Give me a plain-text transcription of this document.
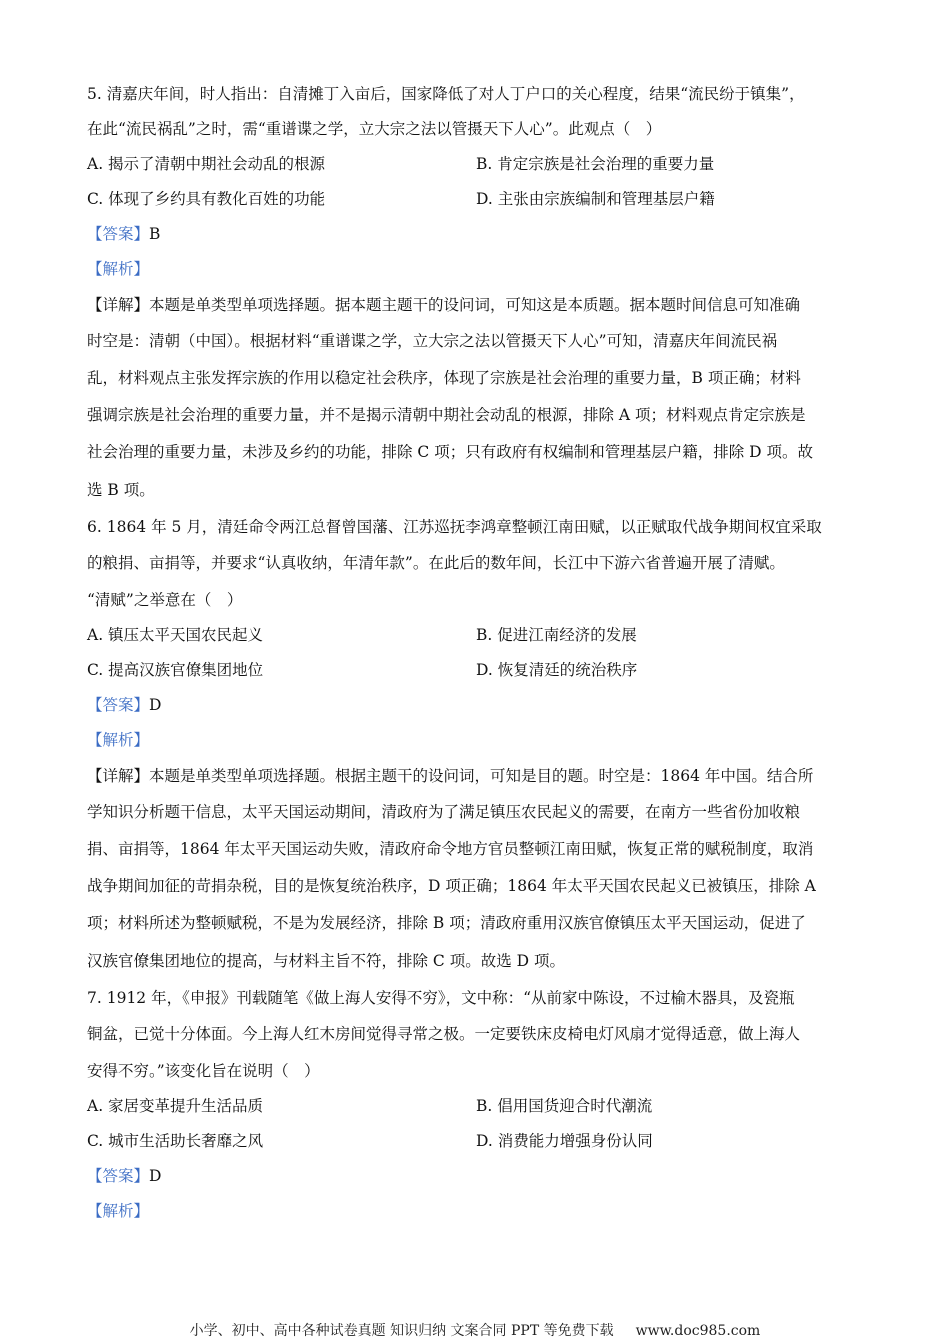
5. 清嘉庆年间，时人指出：自清摊丁入亩后，国家降低了对人丁户口的关心程度，结果“流民纷于镇集”，
在此“流民祸乱”之时，需“重谱谍之学，立大宗之法以管摄天下人心”。此观点（　）
A. 揭示了清朝中期社会动乱的根源	B. 肯定宗族是社会治理的重要力量
C. 体现了乡约具有教化百姓的功能	D. 主张由宗族编制和管理基层户籍
【答案】B
【解析】
【详解】本题是单类型单项选择题。据本题主题干的设问词，可知这是本质题。据本题时间信息可知准确
时空是：清朝（中国）。根据材料“重谱谍之学，立大宗之法以管摄天下人心”可知，清嘉庆年间流民祸
乱，材料观点主张发挥宗族的作用以稳定社会秩序，体现了宗族是社会治理的重要力量，B 项正确；材料
强调宗族是社会治理的重要力量，并不是揭示清朝中期社会动乱的根源，排除 A 项；材料观点肯定宗族是
社会治理的重要力量，未涉及乡约的功能，排除 C 项；只有政府有权编制和管理基层户籍，排除 D 项。故
选 B 项。
6. 1864 年 5 月，清廷命令两江总督曾国藩、江苏巡抚李鸿章整顿江南田赋，以正赋取代战争期间权宜采取
的粮捐、亩捐等，并要求“认真收纳，年清年款”。在此后的数年间，长江中下游六省普遍开展了清赋。
“清赋”之举意在（　）
A. 镇压太平天国农民起义	B. 促进江南经济的发展
C. 提高汉族官僚集团地位	D. 恢复清廷的统治秩序
【答案】D
【解析】
【详解】本题是单类型单项选择题。根据主题干的设问词，可知是目的题。时空是：1864 年中国。结合所
学知识分析题干信息，太平天国运动期间，清政府为了满足镇压农民起义的需要，在南方一些省份加收粮
捐、亩捐等，1864 年太平天国运动失败，清政府命令地方官员整顿江南田赋，恢复正常的赋税制度，取消
战争期间加征的苛捐杂税，目的是恢复统治秩序，D 项正确；1864 年太平天国农民起义已被镇压，排除 A
项；材料所述为整顿赋税，不是为发展经济，排除 B 项；清政府重用汉族官僚镇压太平天国运动，促进了
汉族官僚集团地位的提高，与材料主旨不符，排除 C 项。故选 D 项。
7. 1912 年，《申报》刊载随笔《做上海人安得不穷》，文中称：“从前家中陈设，不过榆木器具，及瓷瓶
铜盆，已觉十分体面。今上海人红木房间觉得寻常之极。一定要铁床皮椅电灯风扇才觉得适意，做上海人
安得不穷。”该变化旨在说明（　）
A. 家居变革提升生活品质	B. 倡用国货迎合时代潮流
C. 城市生活助长奢靡之风	D. 消费能力增强身份认同
【答案】D
【解析】
小学、初中、高中各种试卷真题 知识归纳 文案合同 PPT 等免费下载 www.doc985.com
